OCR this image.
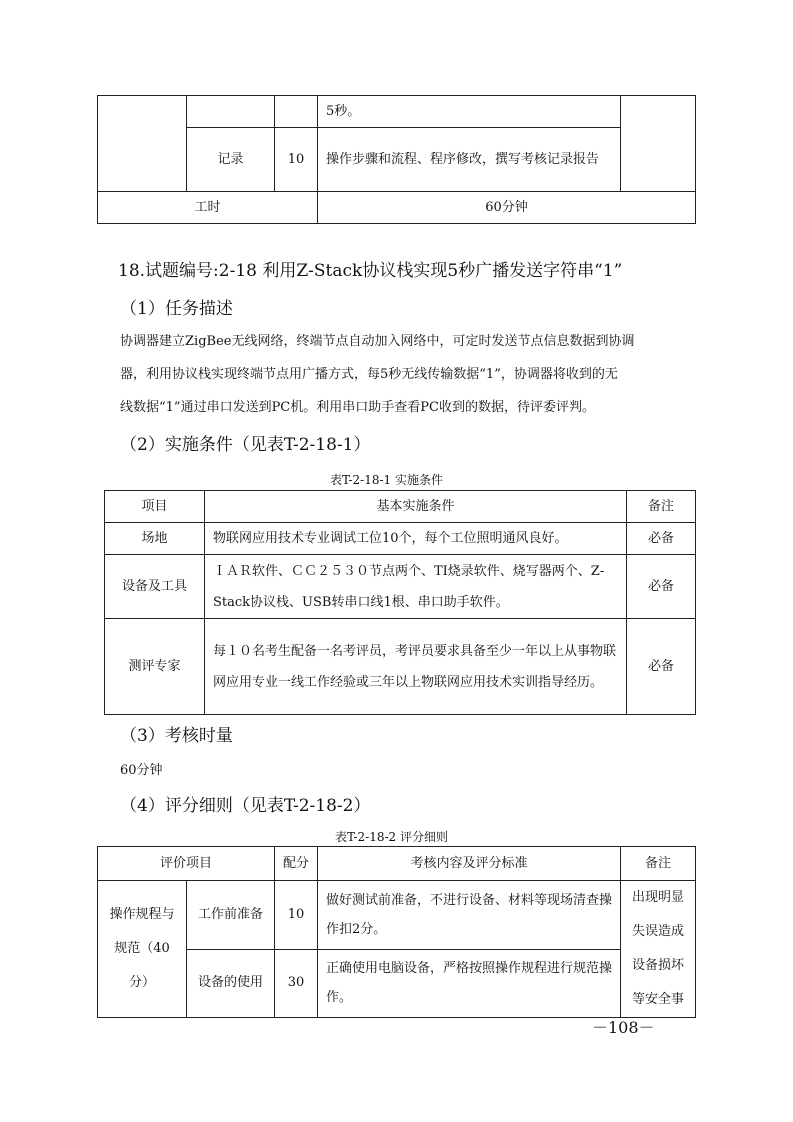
			5秒。	
	记录	10	操作步骤和流程、程序修改，撰写考核记录报告	
工时			60分钟	
18.试题编号:2-18 利用Z-Stack协议栈实现5秒广播发送字符串“1”
（1）任务描述
协调器建立ZigBee无线网络，终端节点自动加入网络中，可定时发送节点信息数据到协调
器，利用协议栈实现终端节点用广播方式，每5秒无线传输数据“1”，协调器将收到的无
线数据“1”通过串口发送到PC机。利用串口助手查看PC收到的数据，待评委评判。
（2）实施条件（见表T-2-18-1）
表T-2-18-1 实施条件
项目	基本实施条件	备注
场地	物联网应用技术专业调试工位10个，每个工位照明通风良好。	必备
设备及工具	ＩＡＲ软件、ＣＣ２５３０节点两个、TI烧录软件、烧写器两个、Z-Stack协议栈、USB转串口线1根、串口助手软件。	必备
测评专家	每１０名考生配备一名考评员，考评员要求具备至少一年以上从事物联网应用专业一线工作经验或三年以上物联网应用技术实训指导经历。	必备
（3）考核时量
60分钟
（4）评分细则（见表T-2-18-2）
表T-2-18-2 评分细则
评价项目		配分	考核内容及评分标准	备注
操作规程与规范（40分）	工作前准备	10	做好测试前准备，不进行设备、材料等现场清查操作扣2分。	出现明显失误造成设备损坏等安全事
	设备的使用	30	正确使用电脑设备，严格按照操作规程进行规范操作。	
－108－
